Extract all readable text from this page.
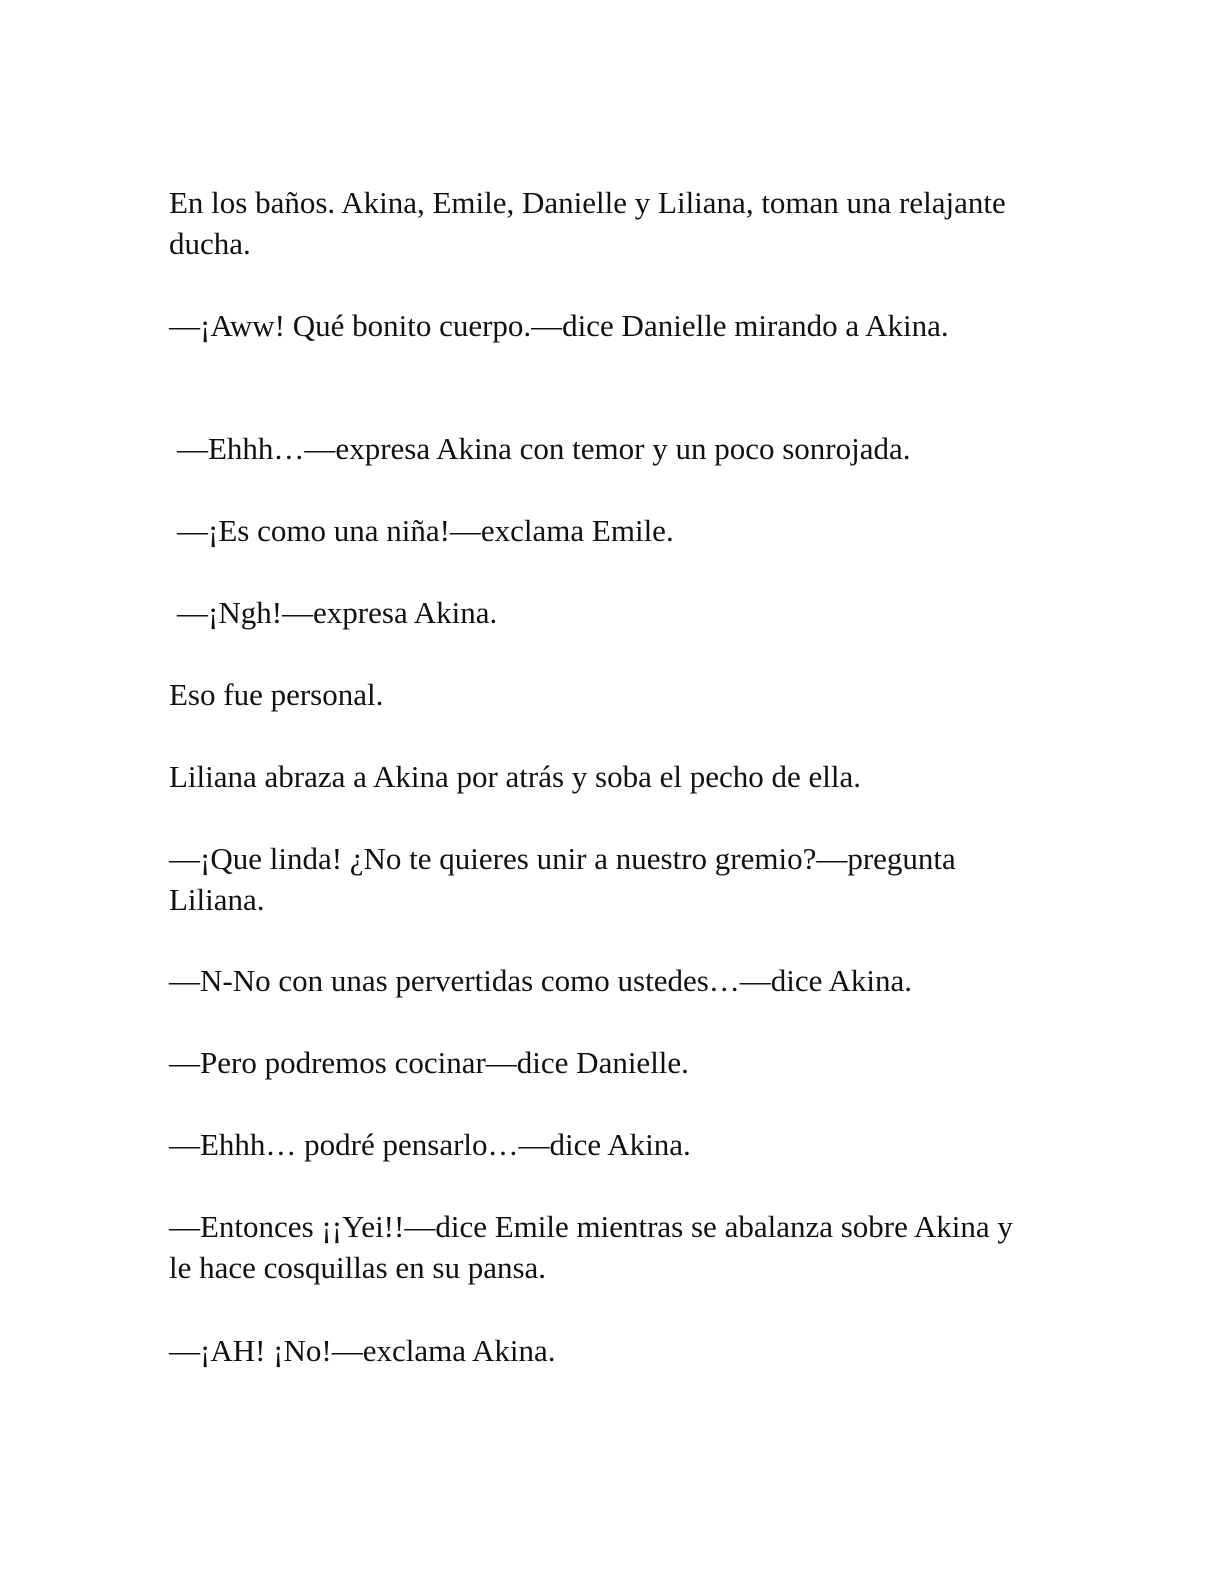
En los baños. Akina, Emile, Danielle y Liliana, toman una relajante ducha.

—¡Aww! Qué bonito cuerpo.—dice Danielle mirando a Akina.

—Ehhh…—expresa Akina con temor y un poco sonrojada.

—¡Es como una niña!—exclama Emile.

—¡Ngh!—expresa Akina.

Eso fue personal.

Liliana abraza a Akina por atrás y soba el pecho de ella.

—¡Que linda! ¿No te quieres unir a nuestro gremio?—pregunta Liliana.

—N-No con unas pervertidas como ustedes…—dice Akina.

—Pero podremos cocinar—dice Danielle.

—Ehhh… podré pensarlo…—dice Akina.

—Entonces ¡¡Yei!!—dice Emile mientras se abalanza sobre Akina y le hace cosquillas en su pansa.

—¡AH! ¡No!—exclama Akina.
